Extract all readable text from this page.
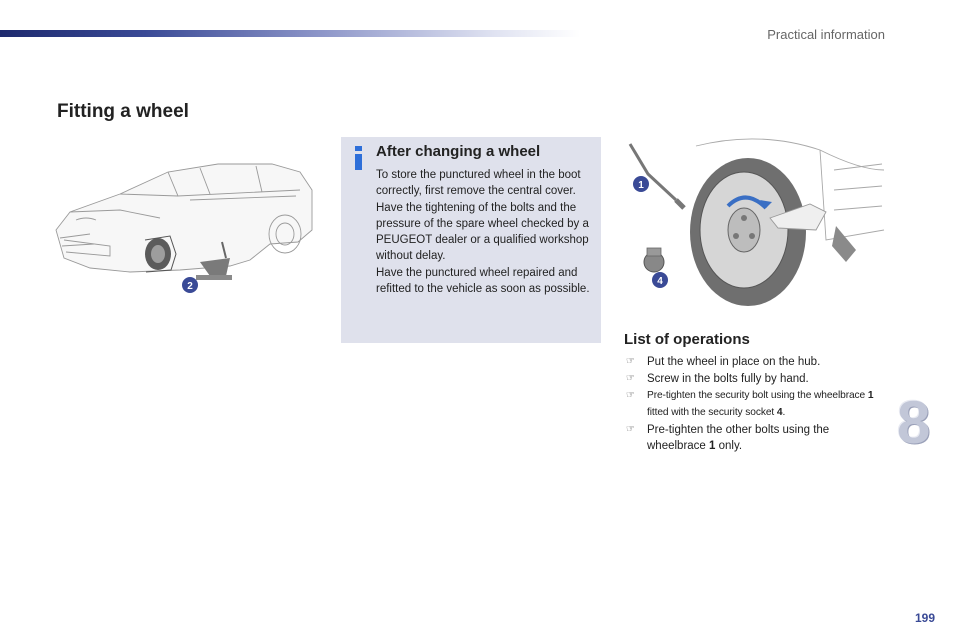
Practical information
Fitting a wheel
2
After changing a wheel

To store the punctured wheel in the boot correctly, first remove the central cover.

Have the tightening of the bolts and the pressure of the spare wheel checked by a PEUGEOT dealer or a qualified workshop without delay.

Have the punctured wheel repaired and refitted to the vehicle as soon as possible.

1
4
List of operations
☞ Put the wheel in place on the hub.
☞ Screw in the bolts fully by hand.
☞ Pre-tighten the security bolt using the wheelbrace 1 fitted with the security socket 4.
☞ Pre-tighten the other bolts using the wheelbrace 1 only.	8
199
